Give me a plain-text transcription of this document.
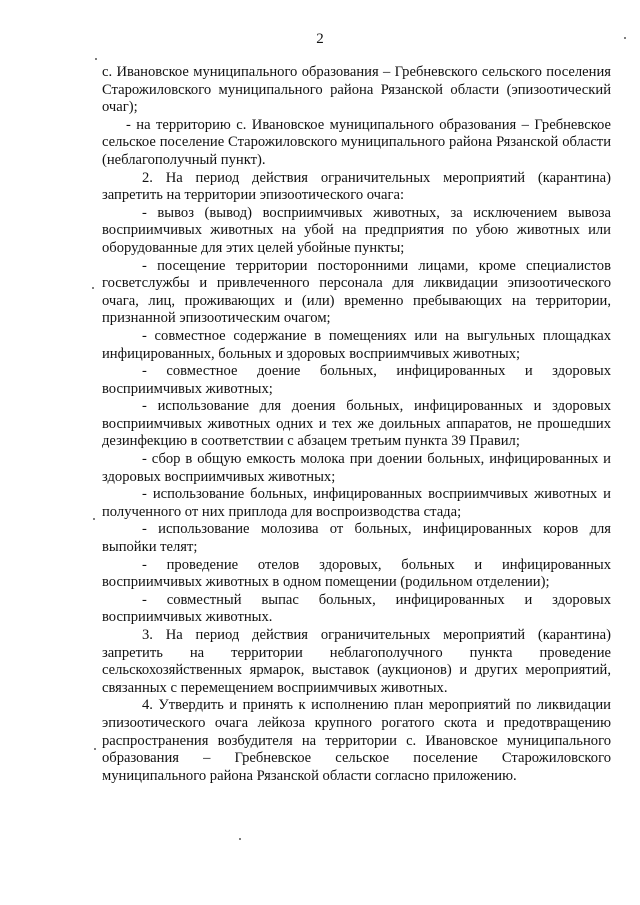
2

с. Ивановское муниципального образования – Гребневского сельского поселения Старожиловского муниципального района Рязанской области (эпизоотический очаг);

- на территорию с. Ивановское муниципального образования – Гребневское сельское поселение Старожиловского муниципального района Рязанской области (неблагополучный пункт).

2. На период действия ограничительных мероприятий (карантина) запретить на территории эпизоотического очага:

- вывоз (вывод) восприимчивых животных, за исключением вывоза восприимчивых животных на убой на предприятия по убою животных или оборудованные для этих целей убойные пункты;

- посещение территории посторонними лицами, кроме специалистов госветслужбы и привлеченного персонала для ликвидации эпизоотического очага, лиц, проживающих и (или) временно пребывающих на территории, признанной эпизоотическим очагом;

- совместное содержание в помещениях или на выгульных площадках инфицированных, больных и здоровых восприимчивых животных;

- совместное доение больных, инфицированных и здоровых восприимчивых животных;

- использование для доения больных, инфицированных и здоровых восприимчивых животных одних и тех же доильных аппаратов, не прошедших дезинфекцию в соответствии с абзацем третьим пункта 39 Правил;

- сбор в общую емкость молока при доении больных, инфицированных и здоровых восприимчивых животных;

- использование больных, инфицированных восприимчивых животных и полученного от них приплода для воспроизводства стада;

- использование молозива от больных, инфицированных коров для выпойки телят;

- проведение отелов здоровых, больных и инфицированных восприимчивых животных в одном помещении (родильном отделении);

- совместный выпас больных, инфицированных и здоровых восприимчивых животных.

3. На период действия ограничительных мероприятий (карантина) запретить на территории неблагополучного пункта проведение сельскохозяйственных ярмарок, выставок (аукционов) и других мероприятий, связанных с перемещением восприимчивых животных.

4. Утвердить и принять к исполнению план мероприятий по ликвидации эпизоотического очага лейкоза крупного рогатого скота и предотвращению распространения возбудителя на территории с. Ивановское муниципального образования – Гребневское сельское поселение Старожиловского муниципального района Рязанской области согласно приложению.
